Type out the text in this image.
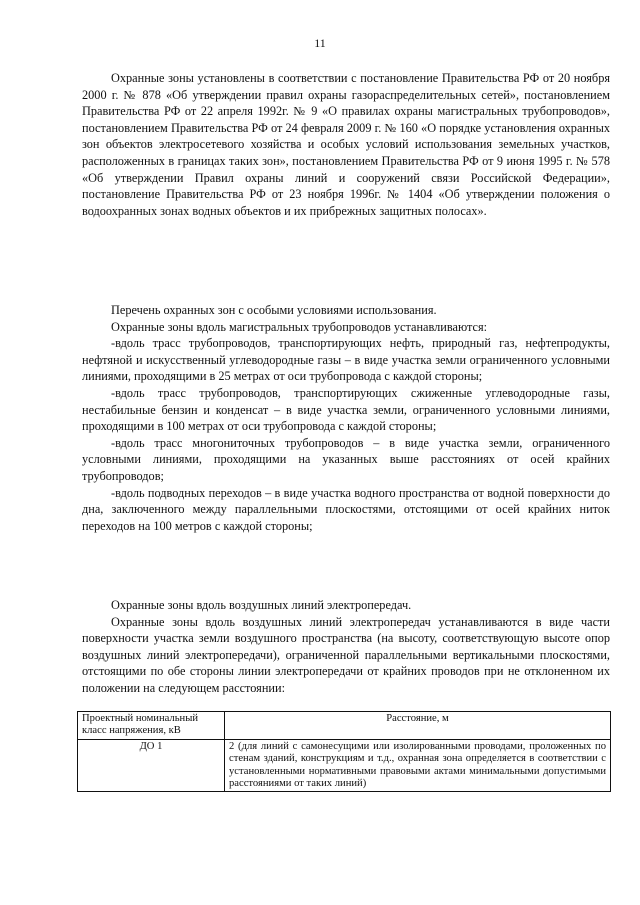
11

Охранные зоны установлены в соответствии с постановление Правительства РФ от 20 ноября 2000 г. № 878 «Об утверждении правил охраны газораспределительных сетей», постановлением Правительства РФ от 22 апреля 1992г. № 9 «О правилах охраны магистральных трубопроводов», постановлением Правительства РФ от 24 февраля 2009 г. № 160 «О порядке установления охранных зон объектов электросетевого хозяйства и особых условий использования земельных участков, расположенных в границах таких зон», постановлением Правительства РФ от 9 июня 1995 г. № 578 «Об утверждении Правил охраны линий и сооружений связи Российской Федерации», постановление Правительства РФ от 23 ноября 1996г. № 1404 «Об утверждении положения о водоохранных зонах водных объектов и их прибрежных защитных полосах».

Перечень охранных зон с особыми условиями использования.

Охранные зоны вдоль магистральных трубопроводов устанавливаются:

-вдоль трасс трубопроводов, транспортирующих нефть, природный газ, нефтепродукты, нефтяной и искусственный углеводородные газы – в виде участка земли ограниченного условными линиями, проходящими в 25 метрах от оси трубопровода с каждой стороны;

-вдоль трасс трубопроводов, транспортирующих сжиженные углеводородные газы, нестабильные бензин и конденсат – в виде участка земли, ограниченного условными линиями, проходящими в 100 метрах от оси трубопровода с каждой стороны;

-вдоль трасс многониточных трубопроводов – в виде участка земли, ограниченного условными линиями, проходящими на указанных выше расстояниях от осей крайних трубопроводов;

-вдоль подводных переходов – в виде участка водного пространства от водной поверхности до дна, заключенного между параллельными плоскостями, отстоящими от осей крайних ниток переходов на 100 метров с каждой стороны;

Охранные зоны вдоль воздушных линий электропередач.

Охранные зоны вдоль воздушных линий электропередач устанавливаются в виде части поверхности участка земли воздушного пространства (на высоту, соответствующую высоте опор воздушных линий электропередачи), ограниченной параллельными вертикальными плоскостями, отстоящими по обе стороны линии электропередачи от крайних проводов при не отклоненном их положении на следующем расстоянии:

Проектный номинальный класс напряжения, кВ	Расстояние, м
ДО 1	2 (для линий с самонесущими или изолированными проводами, проложенных по стенам зданий, конструкциям и т.д., охранная зона определяется в соответствии с установленными нормативными правовыми актами минимальными допустимыми расстояниями от таких линий)
